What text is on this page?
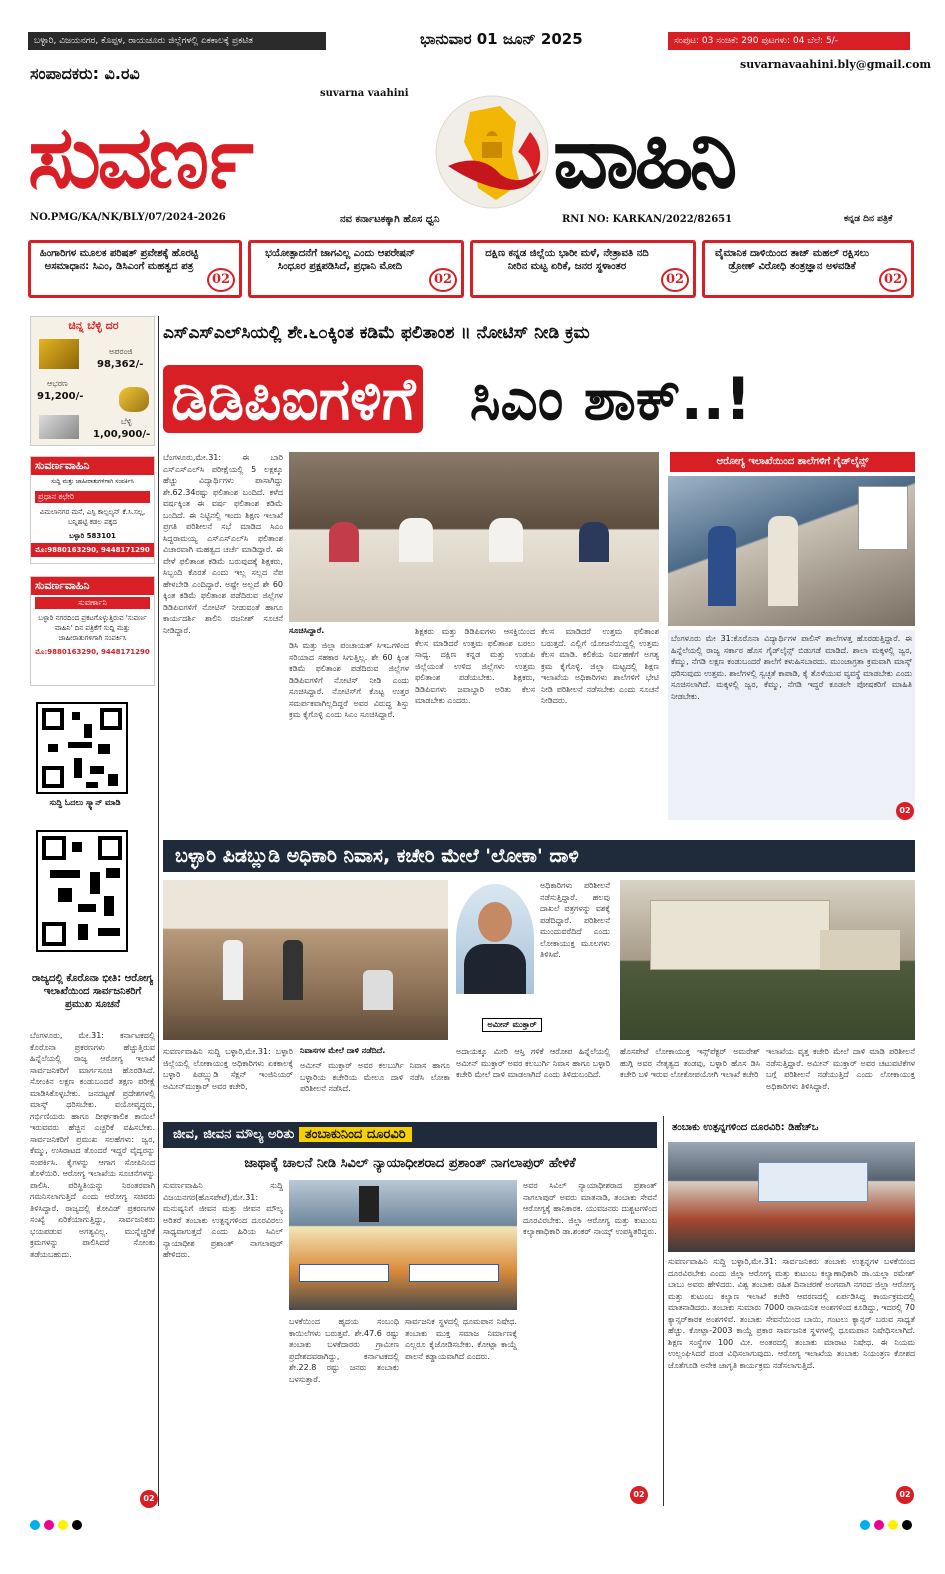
ಬಳ್ಳಾರಿ, ವಿಜಯನಗರ, ಕೊಪ್ಪಳ, ರಾಯಚೂರು ಜಿಲ್ಲೆಗಳಲ್ಲಿ ಏಕಕಾಲಕ್ಕೆ ಪ್ರಕಟಿತ	ಭಾನುವಾರ 01 ಜೂನ್ 2025	ಸಂಪುಟ: 03 ಸಂಚಿಕೆ: 290 ಪುಟಗಳು: 04 ಬೆಲೆ: 5/-
suvarnavaahini.bly@gmail.com
ಸಂಪಾದಕರು: ವಿ.ರವಿ
suvarna vaahini
ಸುವರ್ಣ	ವಾಹಿನಿ
NO.PMG/KA/NK/BLY/07/2024-2026	ನವ ಕರ್ನಾಟಕಕ್ಕಾಗಿ ಹೊಸ ಧ್ವನಿ	RNI NO: KARKAN/2022/82651	ಕನ್ನಡ ದಿನ ಪತ್ರಿಕೆ
ಹಿಂಗಾರಿಗಳ ಮೂಲಕ ಪರಿಷತ್ ಪ್ರವೇಶಕ್ಕೆ ಹೊರಟ್ಟಿ ಅಸಮಾಧಾನ: ಸಿಎಂ, ಡಿಸಿಎಂಗೆ ಮಹತ್ವದ ಪತ್ರ
02
ಭಯೋತ್ಪಾದನೆಗೆ ಜಾಗವಿಲ್ಲ ಎಂದು ಆಪರೇಷನ್ ಸಿಂಧೂರ ಪ್ರಕ್ಷಪಡಿಸಿದೆ, ಪ್ರಧಾನಿ ಮೋದಿ
02
ದಕ್ಷಿಣ ಕನ್ನಡ ಜಿಲ್ಲೆಯ ಭಾರೀ ಮಳೆ, ನೇತ್ರಾವತಿ ನದಿ ನೀರಿನ ಮಟ್ಟ ಏರಿಕೆ, ಜನರ ಸ್ಥಳಾಂತರ
02
ವೈಮಾನಿಕ ದಾಳಿಯಿಂದ ತಾಜ್ ಮಹಲ್ ರಕ್ಷಿಸಲು ಡ್ರೋಣ್ ವಿರೋಧಿ ತಂತ್ರಜ್ಞಾನ ಅಳವಡಿಕೆ
02
ಚಿನ್ನ ಬೆಳ್ಳಿ ದರ
ಅಪರಂಜಿ
98,362/-
ಆಭರಣ
91,200/-
ಬೆಳ್ಳಿ
1,00,900/-
ಸುವರ್ಣವಾಹಿನಿ
ಸುದ್ದಿ ಮತ್ತು ಜಾಹೀರಾತುಗಳಿಗಾಗಿ ಸಂಪರ್ಕಿಸಿ
ಪ್ರಧಾನ ಕಛೇರಿ
ವಿಮಲಾನಗರ ಮನೆ, ಎಸ್ಪಿ ಕಾಲ್ಪಲ್ಯನ್ ಕೆ.ಸಿ.ಸಲ್ಲ, ಬನ್ನಿಹಟ್ಟಿ ಕಡಲ ಪಕ್ಕದ
ಬಳ್ಳಾರಿ 583101
ಮೊ:9880163290, 9448171290
ಸುವರ್ಣವಾಹಿನಿ
ಸುವರ್ಣಾನಿ
ಬಳ್ಳಾರಿ ನಗರದಿಂದ ಪ್ರಕಟಗೊಳ್ಳುತ್ತಿರುವ 'ಸುವರ್ಣ ವಾಹಿನಿ' ದಿನ ಪತ್ರಿಕೆಗೆ ಸುದ್ದಿ ಮತ್ತು ಜಾಹೀರಾತುಗಳಿಗಾಗಿ ಸಂಪರ್ಕಿಸಿ
ಮೊ:9880163290, 9448171290
ಸುದ್ದಿ ಓದಲು ಸ್ಕ್ಯಾನ್ ಮಾಡಿ
ರಾಜ್ಯದಲ್ಲಿ ಕೊರೊನಾ ಭೀತಿ: ಆರೋಗ್ಯ ಇಲಾಖೆಯಿಂದ ಸಾರ್ವಜನಿಕರಿಗೆ ಪ್ರಮುಖ ಸೂಚನೆ
ಬೆಂಗಳೂರು, ಮೇ.31: ಕರ್ನಾಟಕದಲ್ಲಿ ಕೊರೊನಾ ಪ್ರಕರಣಗಳು ಹೆಚ್ಚುತ್ತಿರುವ ಹಿನ್ನೆಲೆಯಲ್ಲಿ ರಾಜ್ಯ ಆರೋಗ್ಯ ಇಲಾಖೆ ಸಾರ್ವಜನಿಕರಿಗೆ ಮಾರ್ಗಸೂಚಿ ಹೊರಡಿಸಿದೆ. ಸೋಂಕಿನ ಲಕ್ಷಣ ಕಂಡುಬಂದರೆ ತಕ್ಷಣ ಪರೀಕ್ಷೆ ಮಾಡಿಸಿಕೊಳ್ಳಬೇಕು. ಜನದಟ್ಟಣೆ ಪ್ರದೇಶಗಳಲ್ಲಿ ಮಾಸ್ಕ್ ಧರಿಸಬೇಕು. ವಯೋವೃದ್ಧರು, ಗರ್ಭಿಣಿಯರು ಹಾಗೂ ದೀರ್ಘಕಾಲಿಕ ಕಾಯಿಲೆ ಇರುವವರು ಹೆಚ್ಚಿನ ಎಚ್ಚರಿಕೆ ವಹಿಸಬೇಕು. ಸಾರ್ವಜನಿಕರಿಗೆ ಪ್ರಮುಖ ಸಲಹೆಗಳು: ಜ್ವರ, ಕೆಮ್ಮು, ಉಸಿರಾಟದ ತೊಂದರೆ ಇದ್ದರೆ ವೈದ್ಯರನ್ನು ಸಂಪರ್ಕಿಸಿ. ಕೈಗಳನ್ನು ಆಗಾಗ ಸೋಪಿನಿಂದ ತೊಳೆಯಿರಿ. ಆರೋಗ್ಯ ಇಲಾಖೆಯ ಸೂಚನೆಗಳನ್ನು ಪಾಲಿಸಿ. ಪರಿಸ್ಥಿತಿಯನ್ನು ನಿರಂತರವಾಗಿ ಗಮನಿಸಲಾಗುತ್ತಿದೆ ಎಂದು ಆರೋಗ್ಯ ಸಚಿವರು ತಿಳಿಸಿದ್ದಾರೆ. ರಾಜ್ಯದಲ್ಲಿ ಕೋವಿಡ್ ಪ್ರಕರಣಗಳ ಸಂಖ್ಯೆ ಏರಿಕೆಯಾಗುತ್ತಿದ್ದು, ಸಾರ್ವಜನಿಕರು ಭಯಪಡುವ ಅಗತ್ಯವಿಲ್ಲ. ಮುನ್ನೆಚ್ಚರಿಕೆ ಕ್ರಮಗಳನ್ನು ಪಾಲಿಸಿದರೆ ಸೋಂಕು ತಡೆಯಬಹುದು.
02
ಎಸ್ಎಸ್ಎಲ್‌ಸಿಯಲ್ಲಿ ಶೇ.೬೦ಕ್ಕಿಂತ ಕಡಿಮೆ ಫಲಿತಾಂಶ ॥ ನೋಟಿಸ್ ನೀಡಿ ಕ್ರಮ
ಡಿಡಿಪಿಐಗಳಿಗೆ ಸಿಎಂ ಶಾಕ್..!
ಬೆಂಗಳೂರು,ಮೇ.31: ಈ ಬಾರಿ ಎಸ್ಎಸ್ಎಲ್‌ಸಿ ಪರೀಕ್ಷೆಯಲ್ಲಿ 5 ಲಕ್ಷಕ್ಕೂ ಹೆಚ್ಚು ವಿದ್ಯಾರ್ಥಿಗಳು ಪಾಸಾಗಿದ್ದು ಶೇ.62.34ರಷ್ಟು ಫಲಿತಾಂಶ ಬಂದಿದೆ. ಕಳೆದ ವರ್ಷಕ್ಕಿಂತ ಈ ವರ್ಷ ಫಲಿತಾಂಶ ಕಡಿಮೆ ಬಂದಿದೆ. ಈ ನಿಟ್ಟಿನಲ್ಲಿ ಇಂದು ಶಿಕ್ಷಣ ಇಲಾಖೆ ಪ್ರಗತಿ ಪರಿಶೀಲನೆ ಸಭೆ ಮಾಡಿದ ಸಿಎಂ ಸಿದ್ದರಾಮಯ್ಯ ಎಸ್ಎಸ್ಎಲ್‌ಸಿ ಫಲಿತಾಂಶ ವಿಚಾರವಾಗಿ ಮಹತ್ವದ ಚರ್ಚೆ ಮಾಡಿದ್ದಾರೆ. ಈ ವೇಳೆ ಫಲಿತಾಂಶ ಕಡಿಮೆ ಬರುವುದಕ್ಕೆ ಶಿಕ್ಷಕರು, ಸಿಬ್ಬಂದಿ ಕೊರತೆ ಎಂದು ಇಲ್ಲ ಸಲ್ಲದ ನೆಪ ಹೇಳಬೇಡಿ ಎಂದಿದ್ದಾರೆ. ಅಷ್ಟೇ ಅಲ್ಲದೆ ಶೇ 60 ಕ್ಕಿಂತ ಕಡಿಮೆ ಫಲಿತಾಂಶ ಪಡೆದಿರುವ ಜಿಲ್ಲೆಗಳ ಡಿಡಿಪಿಐಗಳಿಗೆ ನೋಟಿಸ್ ನೀಡುವಂತೆ ಹಾಗೂ ಕಾರ್ಯದರ್ಶಿ ಶಾಲಿನಿ ರಜನೀಶ್ ಸೂಚನೆ ನೀಡಿದ್ದಾರೆ.	ಸೂಚಿಸಿದ್ದಾರೆ.
ಡಿಸಿ ಮತ್ತು ಜಿಲ್ಲಾ ಪಂಚಾಯತ್ ಸಿಇಒಗಳಿಂದ ಸರಿಯಾದ ಸಹಕಾರ ಸಿಗುತ್ತಿಲ್ಲ. ಶೇ 60 ಕ್ಕಿಂತ ಕಡಿಮೆ ಫಲಿತಾಂಶ ಪಡೆದಿರುವ ಜಿಲ್ಲೆಗಳ ಡಿಡಿಪಿಐಗಳಿಗೆ ನೋಟಿಸ್ ನೀಡಿ ಎಂದು ಸೂಚಿಸಿದ್ದಾರೆ. ನೋಟಿಸ್‌ಗೆ ಕೊಟ್ಟ ಉತ್ತರ ಸಮರ್ಪಕವಾಗಿಲ್ಲದಿದ್ದರೆ ಅವರ ವಿರುದ್ಧ ಶಿಸ್ತು ಕ್ರಮ ಕೈಗೊಳ್ಳಿ ಎಂದು ಸಿಎಂ ಸೂಚಿಸಿದ್ದಾರೆ.
ಶಿಕ್ಷಕರು ಮತ್ತು ಡಿಡಿಪಿಐಗಳು ಆಸಕ್ತಿಯಿಂದ ಕೆಲಸ ಮಾಡಿದರೆ ಉತ್ತಮ ಫಲಿತಾಂಶ ಬರಲು ಸಾಧ್ಯ. ದಕ್ಷಿಣ ಕನ್ನಡ ಮತ್ತು ಉಡುಪಿ ಜಿಲ್ಲೆಯಂತೆ ಉಳಿದ ಜಿಲ್ಲೆಗಳು ಉತ್ತಮ ಫಲಿತಾಂಶ ಪಡೆಯಬೇಕು. ಶಿಕ್ಷಕರು, ಡಿಡಿಪಿಐಗಳು ಜವಾಬ್ದಾರಿ ಅರಿತು ಕೆಲಸ ಮಾಡಬೇಕು ಎಂದರು.
ಕೆಲಸ ಮಾಡಿದರೆ ಉತ್ತಮ ಫಲಿತಾಂಶ ಬರುತ್ತದೆ. ಎಲ್ಲಿಗೆ ಯೋಜನೆಯಿದ್ದಲ್ಲಿ ಉತ್ತಮ ಕೆಲಸ ಮಾಡಿ. ಕಲಿಕೆಯ ನಿರ್ವಹಣೆಗೆ ಅಗತ್ಯ ಕ್ರಮ ಕೈಗೊಳ್ಳಿ. ಜಿಲ್ಲಾ ಮಟ್ಟದಲ್ಲಿ ಶಿಕ್ಷಣ ಇಲಾಖೆಯ ಅಧಿಕಾರಿಗಳು ಶಾಲೆಗಳಿಗೆ ಭೇಟಿ ನೀಡಿ ಪರಿಶೀಲನೆ ನಡೆಸಬೇಕು ಎಂದು ಸೂಚನೆ ನೀಡಿದರು.
ಆರೋಗ್ಯ ಇಲಾಖೆಯಿಂದ ಶಾಲೆಗಳಿಗೆ ಗೈಡ್‌ಲೈನ್ಸ್
ಬೆಂಗಳೂರು ಮೇ 31:ಕೊರೊನಾ ವಿದ್ಯಾರ್ಥಿಗಳ ಪಾಲಿಸ್ ಶಾಲೆಗಳತ್ತ ಹೊರಡುತ್ತಿದ್ದಾರೆ. ಈ ಹಿನ್ನೆಲೆಯಲ್ಲಿ ರಾಜ್ಯ ಸರ್ಕಾರ ಹೊಸ ಗೈಡ್‌ಲೈನ್ಸ್ ಬಿಡುಗಡೆ ಮಾಡಿದೆ. ಶಾಲಾ ಮಕ್ಕಳಲ್ಲಿ ಜ್ವರ, ಕೆಮ್ಮು, ನೆಗಡಿ ಲಕ್ಷಣ ಕಂಡುಬಂದರೆ ಶಾಲೆಗೆ ಕಳುಹಿಸಬಾರದು. ಮುಂಜಾಗ್ರತಾ ಕ್ರಮವಾಗಿ ಮಾಸ್ಕ್ ಧರಿಸುವುದು ಉತ್ತಮ. ಶಾಲೆಗಳಲ್ಲಿ ಸ್ವಚ್ಛತೆ ಕಾಪಾಡಿ, ಕೈ ತೊಳೆಯುವ ವ್ಯವಸ್ಥೆ ಮಾಡಬೇಕು ಎಂದು ಸೂಚಿಸಲಾಗಿದೆ. ಮಕ್ಕಳಲ್ಲಿ ಜ್ವರ, ಕೆಮ್ಮು, ನೆಗಡಿ ಇದ್ದರೆ ಕೂಡಲೇ ಪೋಷಕರಿಗೆ ಮಾಹಿತಿ ನೀಡಬೇಕು.
02
ಬಳ್ಳಾರಿ ಪಿಡಬ್ಲುಡಿ ಅಧಿಕಾರಿ ನಿವಾಸ, ಕಚೇರಿ ಮೇಲೆ 'ಲೋಕಾ' ದಾಳಿ
ನಿವಾಸಗಳ ಮೇಲೆ ದಾಳಿ ನಡೆದಿದೆ.
ಸುವರ್ಣವಾಹಿನಿ ಸುದ್ದಿ ಬಳ್ಳಾರಿ,ಮೇ.31: ಬಳ್ಳಾರಿ ಜಿಲ್ಲೆಯಲ್ಲಿ ಲೋಕಾಯುಕ್ತ ಅಧಿಕಾರಿಗಳು ಏಕಕಾಲಕ್ಕೆ ಬಳ್ಳಾರಿ ಪಿಡಬ್ಲ್ಯುಡಿ ಸೆಕ್ಷನ್ ಇಂಜಿನಿಯರ್ ಅಮೀನ್‌ಮುಕ್ತಾರ್ ಅವರ ಕಚೇರಿ,
ಅಮೀನ್ ಮುಕ್ತಾರ್ ಅವರ ಕಲಬುರ್ಗಿ ನಿವಾಸ ಹಾಗೂ ಬಳ್ಳಾರಿಯ ಕಚೇರಿಯ ಮೇಲೂ ದಾಳಿ ನಡೆಸಿ ಲೋಕಾ ಪರಿಶೀಲನೆ ನಡೆಸಿದೆ.
ಅಮೀನ್ ಮುಕ್ತಾರ್
ಅಧಿಕಾರಿಗಳು ಪರಿಶೀಲನೆ ನಡೆಸುತ್ತಿದ್ದಾರೆ. ಹಲವು ದಾಖಲೆ ಪತ್ರಗಳನ್ನು ವಶಕ್ಕೆ ಪಡೆದಿದ್ದಾರೆ. ಪರಿಶೀಲನೆ ಮುಂದುವರೆದಿದೆ ಎಂದು ಲೋಕಾಯುಕ್ತ ಮೂಲಗಳು ತಿಳಿಸಿವೆ.
ಅದಾಯಕ್ಕೂ ಮೀರಿ ಆಸ್ತಿ ಗಳಿಕೆ ಆರೋಪ ಹಿನ್ನೆಲೆಯಲ್ಲಿ ಅಮೀನ್ ಮುಕ್ತಾರ್ ಅವರ ಕಲಬುರ್ಗಿ ನಿವಾಸ ಹಾಗೂ ಬಳ್ಳಾರಿ ಕಚೇರಿ ಮೇಲೆ ದಾಳಿ ಮಾಡಲಾಗಿದೆ ಎಂದು ತಿಳಿದುಬಂದಿದೆ.
ಹೊಸಪೇಟೆ ಲೋಕಾಯುಕ್ತ ಇನ್ಸ್‌ಪೆಕ್ಟರ್ ಅಮರೇಶ್ ಹುಗ್ಗಿ ಅವರ ನೇತೃತ್ವದ ತಂಡವು, ಬಳ್ಳಾರಿ ಹೊಸ ಡಿಸಿ ಕಚೇರಿ ಬಳಿ ಇರುವ ಲೋಕೋಪಯೋಗಿ ಇಲಾಖೆ ಕಚೇರಿ
ಇಲಾಖೆಯ ವೃತ್ತ ಕಚೇರಿ ಮೇಲೆ ದಾಳಿ ಮಾಡಿ ಪರಿಶೀಲನೆ ನಡೆಸುತ್ತಿದ್ದಾರೆ. ಅಮೀನ್ ಮುಕ್ತಾರ್ ಅವರ ಚಟುವಟಿಕೆಗಳ ಬಗ್ಗೆ ಪರಿಶೀಲನೆ ನಡೆಯುತ್ತಿದೆ ಎಂದು ಲೋಕಾಯುಕ್ತ ಅಧಿಕಾರಿಗಳು ತಿಳಿಸಿದ್ದಾರೆ.
ಜೀವ, ಜೀವನ ಮೌಲ್ಯ ಅರಿತು ತಂಬಾಕುನಿಂದ ದೂರವಿರಿ
ಜಾಥಾಕ್ಕೆ ಚಾಲನೆ ನೀಡಿ ಸಿವಿಲ್ ನ್ಯಾಯಾಧೀಶರಾದ ಪ್ರಶಾಂತ್ ನಾಗಲಾಪುರ್ ಹೇಳಿಕೆ
ಸುವರ್ಣವಾಹಿನಿ ಸುದ್ದಿ ವಿಜಯನಗರ(ಹೊಸಪೇಟೆ),ಮೇ.31: ಮನುಷ್ಯನಿಗೆ ಜೀವನ ಮತ್ತು ಜೀವನ ಮೌಲ್ಯ ಅರಿತರೆ ತಂಬಾಕು ಉತ್ಪನ್ನಗಳಿಂದ ದೂರವಿರಲು ಸಾಧ್ಯವಾಗುತ್ತದೆ ಎಂದು ಹಿರಿಯ ಸಿವಿಲ್ ನ್ಯಾಯಾಧೀಶ ಪ್ರಶಾಂತ್ ನಾಗಲಾಪುರ್ ಹೇಳಿದರು.
ಬಳಕೆಯಿಂದ ಹೃದಯ ಸಂಬಂಧಿ ಕಾಯಿಲೆಗಳು ಬರುತ್ತವೆ. ಶೇ.47.6 ರಷ್ಟು ತಂಬಾಕು ಬಳಕೆದಾರರು ಗ್ರಾಮೀಣ ಪ್ರದೇಶದವರಾಗಿದ್ದು, ಕರ್ನಾಟಕದಲ್ಲಿ ಶೇ.22.8 ರಷ್ಟು ಜನರು ತಂಬಾಕು ಬಳಸುತ್ತಾರೆ.
ಸಾರ್ವಜನಿಕ ಸ್ಥಳದಲ್ಲಿ ಧೂಮಪಾನ ನಿಷೇಧ. ತಂಬಾಕು ಮುಕ್ತ ಸಮಾಜ ನಿರ್ಮಾಣಕ್ಕೆ ಎಲ್ಲರೂ ಕೈಜೋಡಿಸಬೇಕು. ಕೋಟ್ಪಾ ಕಾಯ್ದೆ ಪಾಲನೆ ಕಡ್ಡಾಯವಾಗಿದೆ ಎಂದರು.
ಅವರ ಸಿವಿಲ್ ನ್ಯಾಯಾಧೀಶರಾದ ಪ್ರಶಾಂತ್ ನಾಗಲಾಪುರ್ ಅವರು ಮಾತನಾಡಿ, ತಂಬಾಕು ಸೇವನೆ ಆರೋಗ್ಯಕ್ಕೆ ಹಾನಿಕಾರಕ. ಯುವಜನರು ದುಶ್ಚಟಗಳಿಂದ ದೂರವಿರಬೇಕು. ಜಿಲ್ಲಾ ಆರೋಗ್ಯ ಮತ್ತು ಕುಟುಂಬ ಕಲ್ಯಾಣಾಧಿಕಾರಿ ಡಾ.ಶಂಕರ್ ನಾಯ್ಕ್ ಉಪಸ್ಥಿತರಿದ್ದರು.
02
ತಂಬಾಕು ಉತ್ಪನ್ನಗಳಿಂದ ದೂರವಿರಿ: ಡಿಹೆಚ್ಒ
ಸುವರ್ಣವಾಹಿನಿ ಸುದ್ದಿ ಬಳ್ಳಾರಿ,ಮೇ.31: ಸಾರ್ವಜನಿಕರು ತಂಬಾಕು ಉತ್ಪನ್ನಗಳ ಬಳಕೆಯಿಂದ ದೂರವಿರಬೇಕು ಎಂದು ಜಿಲ್ಲಾ ಆರೋಗ್ಯ ಮತ್ತು ಕುಟುಂಬ ಕಲ್ಯಾಣಾಧಿಕಾರಿ ಡಾ.ಯಲ್ಲಾ ರಮೇಶ್ ಬಾಬು ಅವರು ಹೇಳಿದರು. ವಿಶ್ವ ತಂಬಾಕು ರಹಿತ ದಿನಾಚರಣೆ ಅಂಗವಾಗಿ ನಗರದ ಜಿಲ್ಲಾ ಆರೋಗ್ಯ ಮತ್ತು ಕುಟುಂಬ ಕಲ್ಯಾಣ ಇಲಾಖೆ ಕಚೇರಿ ಆವರಣದಲ್ಲಿ ಏರ್ಪಡಿಸಿದ್ದ ಕಾರ್ಯಕ್ರಮದಲ್ಲಿ ಮಾತನಾಡಿದರು. ತಂಬಾಕು ಸುಮಾರು 7000 ರಾಸಾಯನಿಕ ಅಂಶಗಳಿಂದ ಕೂಡಿದ್ದು, ಇದರಲ್ಲಿ 70 ಕ್ಯಾನ್ಸರ್‌ಕಾರಕ ಅಂಶಗಳಿವೆ. ತಂಬಾಕು ಸೇವನೆಯಿಂದ ಬಾಯಿ, ಗಂಟಲು ಕ್ಯಾನ್ಸರ್ ಬರುವ ಸಾಧ್ಯತೆ ಹೆಚ್ಚು. ಕೋಟ್ಪಾ-2003 ಕಾಯ್ದೆ ಪ್ರಕಾರ ಸಾರ್ವಜನಿಕ ಸ್ಥಳಗಳಲ್ಲಿ ಧೂಮಪಾನ ನಿಷೇಧಿಸಲಾಗಿದೆ. ಶಿಕ್ಷಣ ಸಂಸ್ಥೆಗಳ 100 ಮೀ. ಅಂತರದಲ್ಲಿ ತಂಬಾಕು ಮಾರಾಟ ನಿಷೇಧ. ಈ ನಿಯಮ ಉಲ್ಲಂಘಿಸಿದರೆ ದಂಡ ವಿಧಿಸಲಾಗುವುದು. ಆರೋಗ್ಯ ಇಲಾಖೆಯ ತಂಬಾಕು ನಿಯಂತ್ರಣ ಕೋಶದ ಜೊತೆಗೂಡಿ ಅನೇಕ ಜಾಗೃತಿ ಕಾರ್ಯಕ್ರಮ ನಡೆಸಲಾಗುತ್ತಿದೆ.
02
